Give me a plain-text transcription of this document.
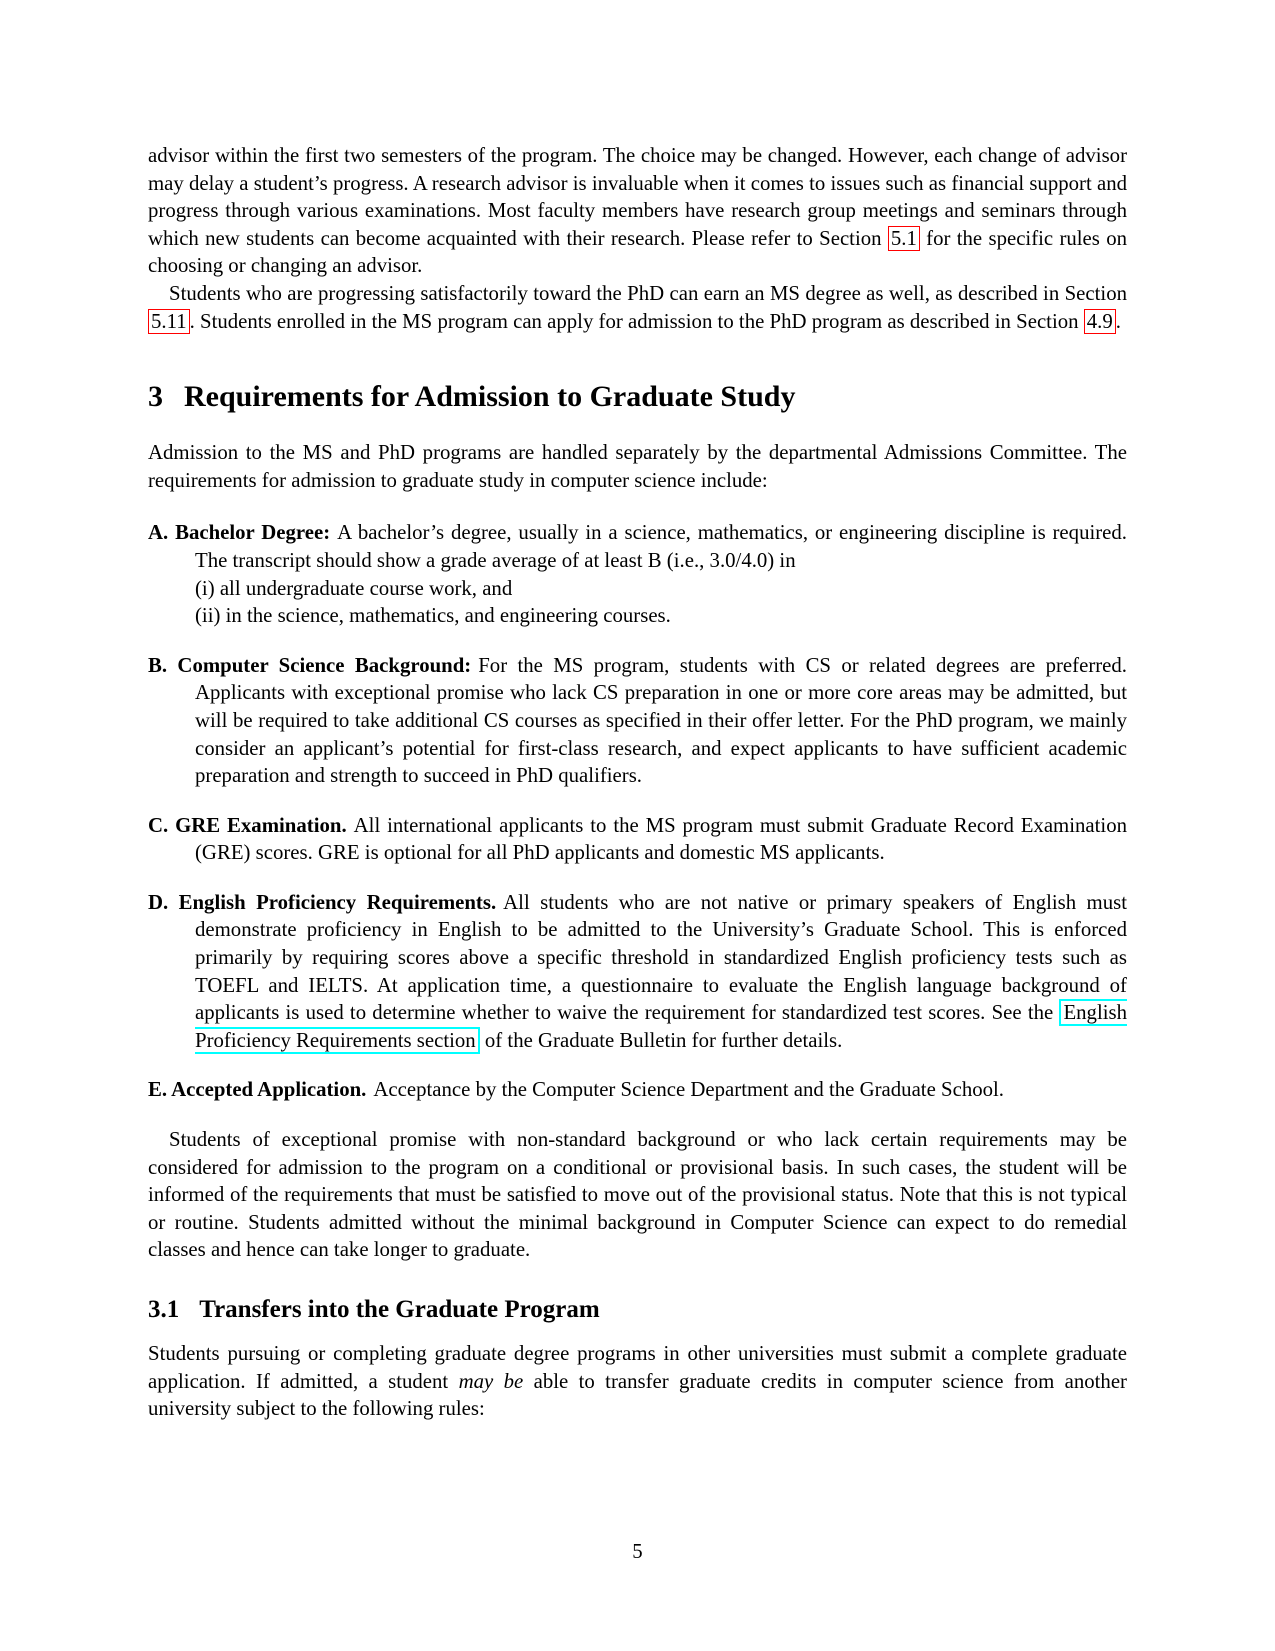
advisor within the first two semesters of the program. The choice may be changed. However, each change of advisor may delay a student’s progress. A research advisor is invaluable when it comes to issues such as financial support and progress through various examinations. Most faculty members have research group meetings and seminars through which new students can become acquainted with their research. Please refer to Section 5.1 for the specific rules on choosing or changing an advisor.

Students who are progressing satisfactorily toward the PhD can earn an MS degree as well, as described in Section 5.11 . Students enrolled in the MS program can apply for admission to the PhD program as described in Section 4.9 .

3 Requirements for Admission to Graduate Study

Admission to the MS and PhD programs are handled separately by the departmental Admissions Committee. The requirements for admission to graduate study in computer science include:

A. Bachelor Degree: A bachelor’s degree, usually in a science, mathematics, or engineering discipline is required. The transcript should show a grade average of at least B (i.e., 3.0/4.0) in
(i) all undergraduate course work, and
(ii) in the science, mathematics, and engineering courses.
B. Computer Science Background: For the MS program, students with CS or related degrees are preferred. Applicants with exceptional promise who lack CS preparation in one or more core areas may be admitted, but will be required to take additional CS courses as specified in their offer letter. For the PhD program, we mainly consider an applicant’s potential for first-class research, and expect applicants to have sufficient academic preparation and strength to succeed in PhD qualifiers.
C. GRE Examination. All international applicants to the MS program must submit Graduate Record Examination (GRE) scores. GRE is optional for all PhD applicants and domestic MS applicants.
D. English Proficiency Requirements. All students who are not native or primary speakers of English must demonstrate proficiency in English to be admitted to the University’s Graduate School. This is enforced primarily by requiring scores above a specific threshold in standardized English proficiency tests such as TOEFL and IELTS. At application time, a questionnaire to evaluate the English language background of applicants is used to determine whether to waive the requirement for standardized test scores. See the English Proficiency Requirements section of the Graduate Bulletin for further details.
E. Accepted Application. Acceptance by the Computer Science Department and the Graduate School.

Students of exceptional promise with non-standard background or who lack certain requirements may be considered for admission to the program on a conditional or provisional basis. In such cases, the student will be informed of the requirements that must be satisfied to move out of the provisional status. Note that this is not typical or routine. Students admitted without the minimal background in Computer Science can expect to do remedial classes and hence can take longer to graduate.

3.1 Transfers into the Graduate Program

Students pursuing or completing graduate degree programs in other universities must submit a complete graduate application. If admitted, a student may be able to transfer graduate credits in computer science from another university subject to the following rules:

5
